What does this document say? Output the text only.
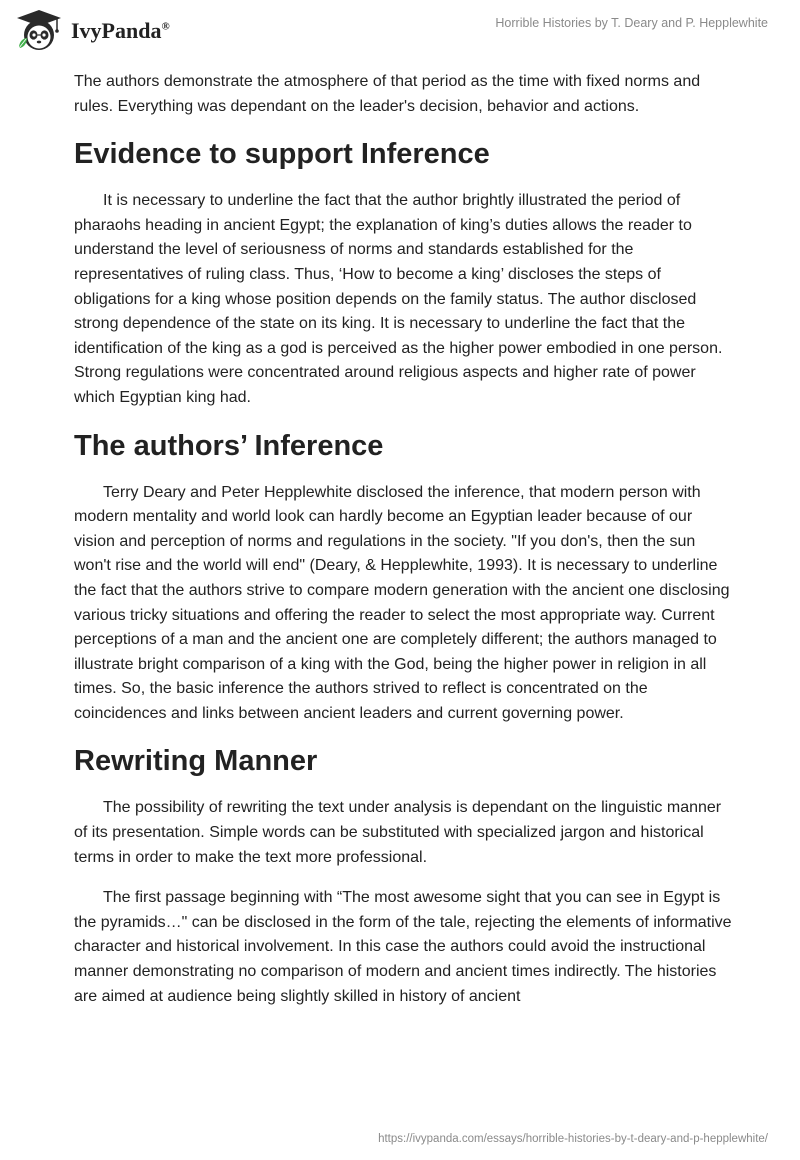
IvyPanda®	Horrible Histories by T. Deary and P. Hepplewhite

The authors demonstrate the atmosphere of that period as the time with fixed norms and rules. Everything was dependant on the leader's decision, behavior and actions.

Evidence to support Inference

It is necessary to underline the fact that the author brightly illustrated the period of pharaohs heading in ancient Egypt; the explanation of king’s duties allows the reader to understand the level of seriousness of norms and standards established for the representatives of ruling class. Thus, ‘How to become a king’ discloses the steps of obligations for a king whose position depends on the family status. The author disclosed strong dependence of the state on its king. It is necessary to underline the fact that the identification of the king as a god is perceived as the higher power embodied in one person. Strong regulations were concentrated around religious aspects and higher rate of power which Egyptian king had.

The authors’ Inference

Terry Deary and Peter Hepplewhite disclosed the inference, that modern person with modern mentality and world look can hardly become an Egyptian leader because of our vision and perception of norms and regulations in the society. "If you don's, then the sun won't rise and the world will end" (Deary, & Hepplewhite, 1993). It is necessary to underline the fact that the authors strive to compare modern generation with the ancient one disclosing various tricky situations and offering the reader to select the most appropriate way. Current perceptions of a man and the ancient one are completely different; the authors managed to illustrate bright comparison of a king with the God, being the higher power in religion in all times. So, the basic inference the authors strived to reflect is concentrated on the coincidences and links between ancient leaders and current governing power.

Rewriting Manner

The possibility of rewriting the text under analysis is dependant on the linguistic manner of its presentation. Simple words can be substituted with specialized jargon and historical terms in order to make the text more professional.

The first passage beginning with “The most awesome sight that you can see in Egypt is the pyramids…" can be disclosed in the form of the tale, rejecting the elements of informative character and historical involvement. In this case the authors could avoid the instructional manner demonstrating no comparison of modern and ancient times indirectly. The histories are aimed at audience being slightly skilled in history of ancient

https://ivypanda.com/essays/horrible-histories-by-t-deary-and-p-hepplewhite/
